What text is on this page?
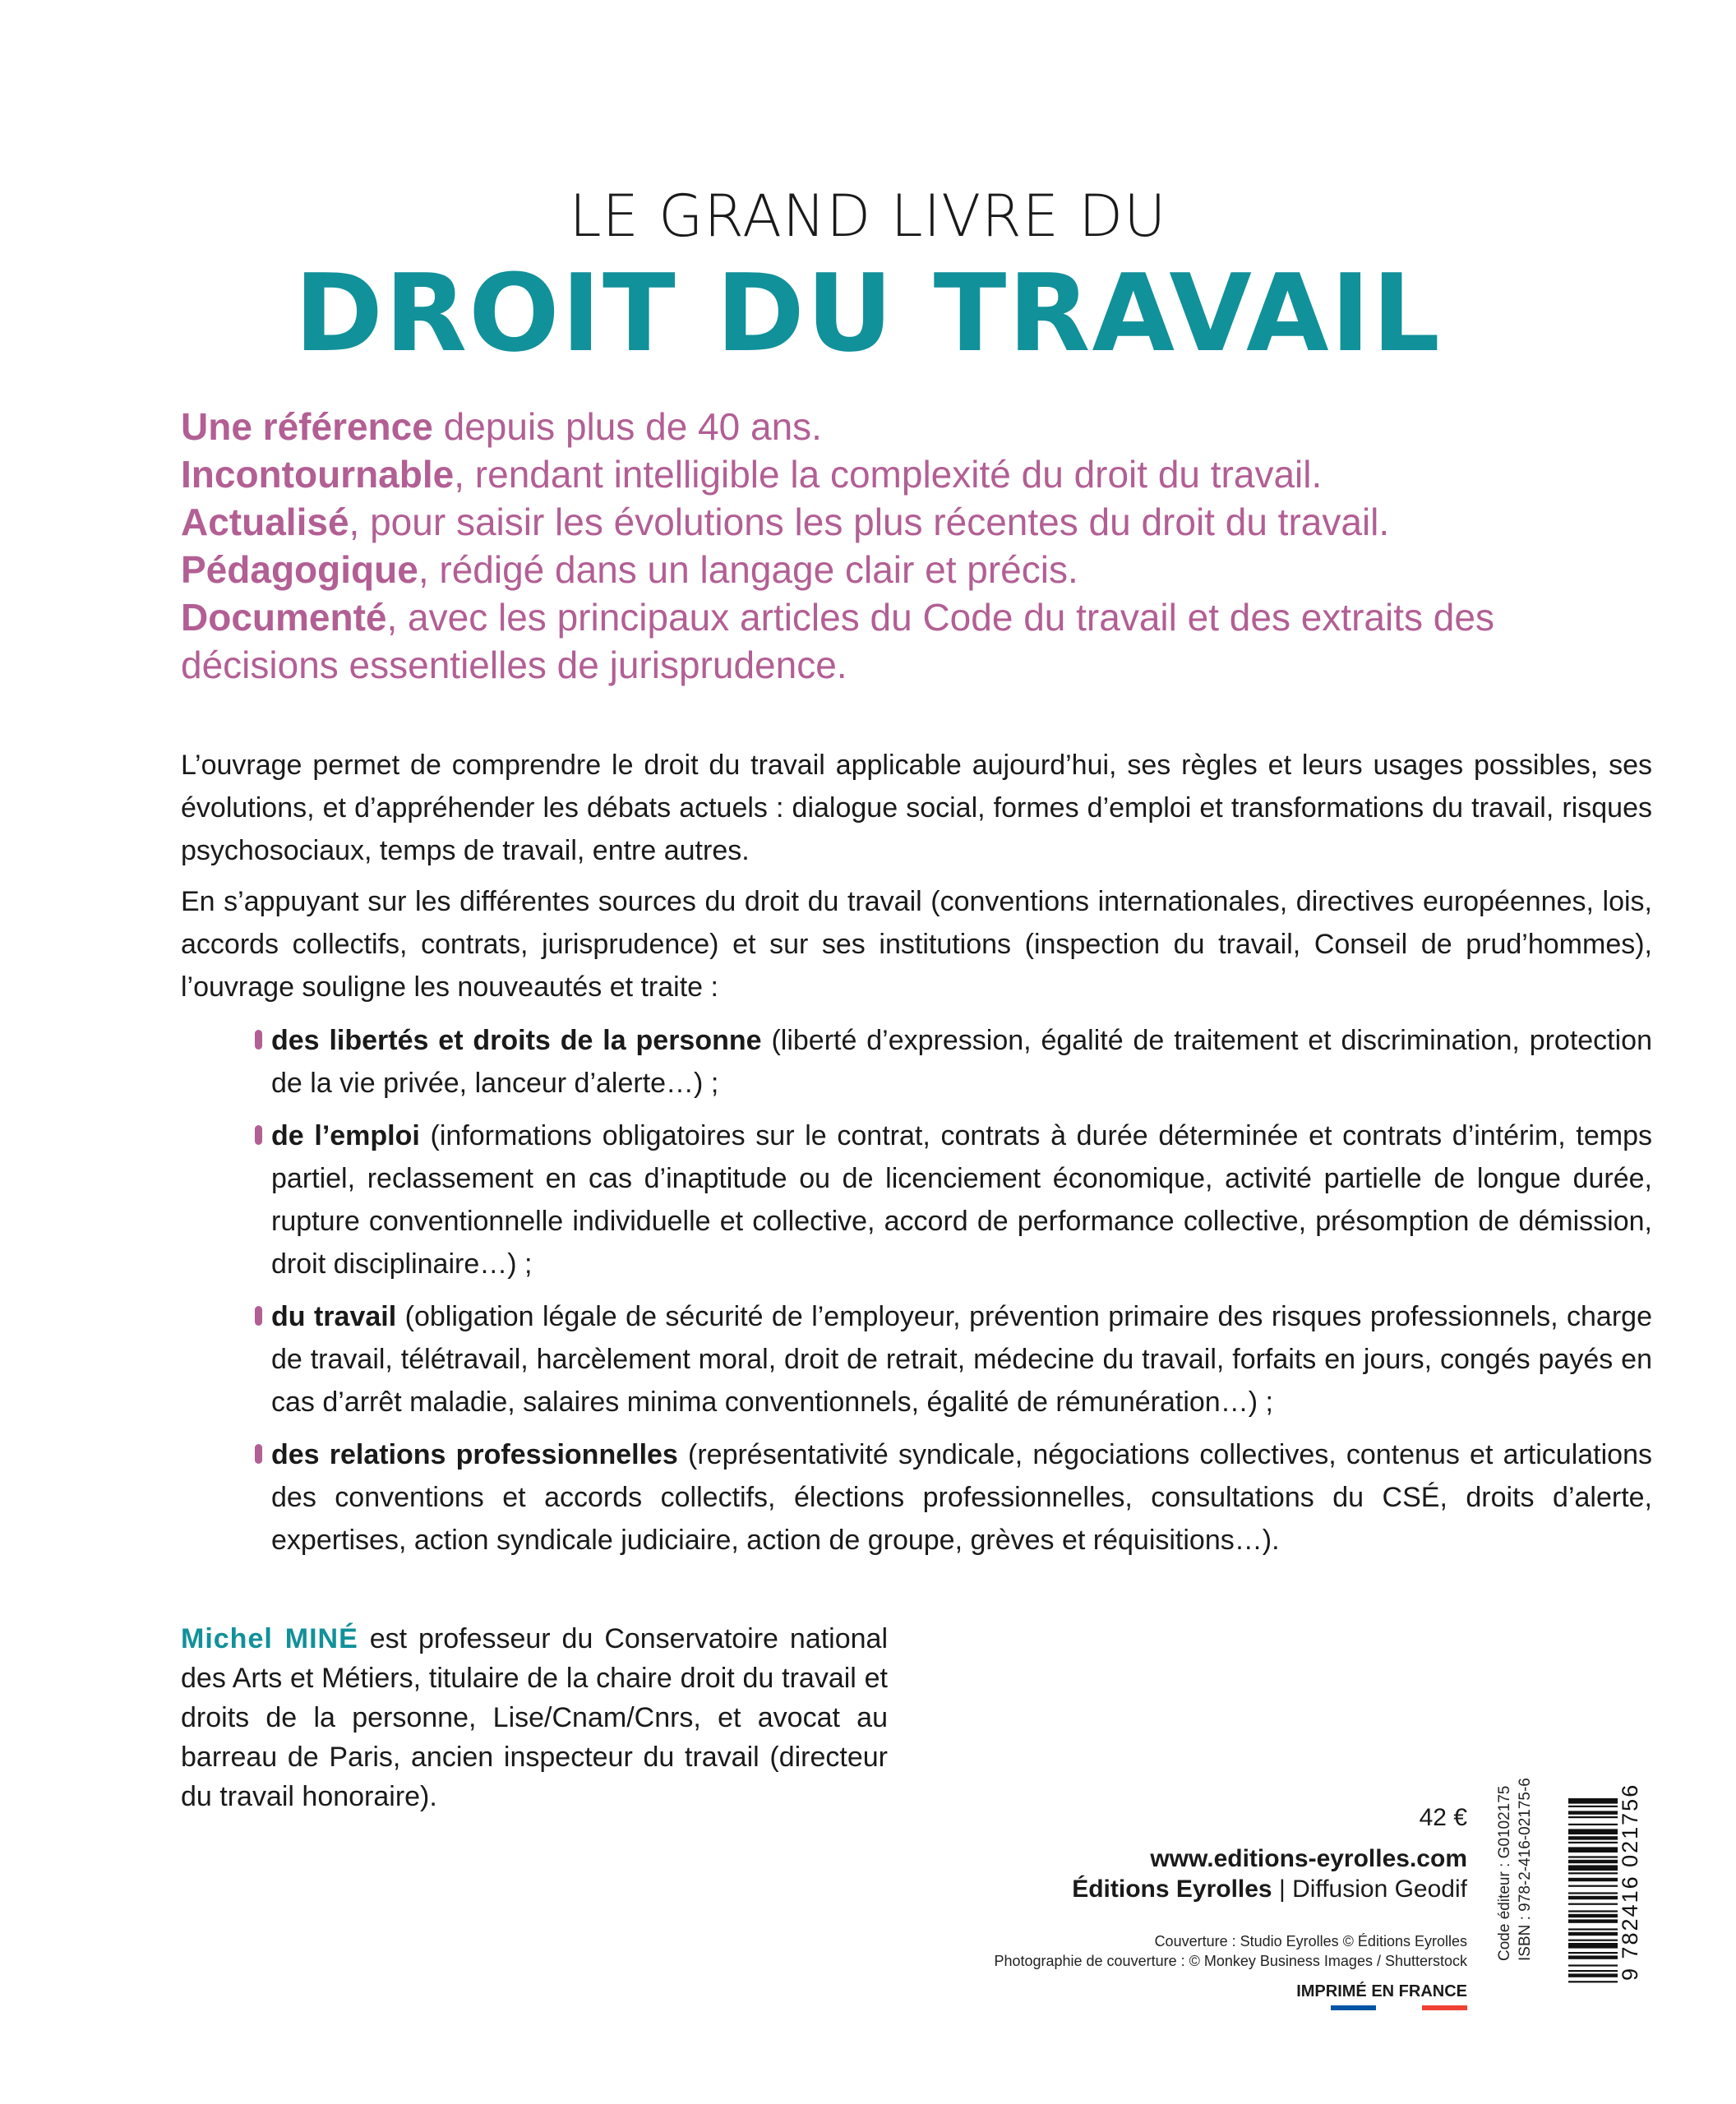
LE GRAND LIVRE DU
DROIT DU TRAVAIL

Une référence depuis plus de 40 ans.

Incontournable, rendant intelligible la complexité du droit du travail.

Actualisé, pour saisir les évolutions les plus récentes du droit du travail.

Pédagogique, rédigé dans un langage clair et précis.

Documenté, avec les principaux articles du Code du travail et des extraits des décisions essentielles de jurisprudence.

L’ouvrage permet de comprendre le droit du travail applicable aujourd’hui, ses règles et leurs usages possibles, ses évolutions, et d’appréhender les débats actuels : dialogue social, formes d’emploi et transformations du travail, risques psychosociaux, temps de travail, entre autres.

En s’appuyant sur les différentes sources du droit du travail (conventions internationales, directives européennes, lois, accords collectifs, contrats, jurisprudence) et sur ses institutions (inspection du travail, Conseil de prud’hommes), l’ouvrage souligne les nouveautés et traite :

des libertés et droits de la personne (liberté d’expression, égalité de traitement et discrimination, protection de la vie privée, lanceur d’alerte…) ;

de l’emploi (informations obligatoires sur le contrat, contrats à durée déterminée et contrats d’intérim, temps partiel, reclassement en cas d’inaptitude ou de licenciement économique, activité partielle de longue durée, rupture conventionnelle individuelle et collective, accord de performance collective, présomption de démission, droit disciplinaire…) ;

du travail (obligation légale de sécurité de l’employeur, prévention primaire des risques professionnels, charge de travail, télétravail, harcèlement moral, droit de retrait, médecine du travail, forfaits en jours, congés payés en cas d’arrêt maladie, salaires minima conventionnels, égalité de rémunération…) ;

des relations professionnelles (représentativité syndicale, négociations collectives, contenus et articulations des conventions et accords collectifs, élections professionnelles, consultations du CSÉ, droits d’alerte, expertises, action syndicale judiciaire, action de groupe, grèves et réquisitions…).

Michel MINÉ est professeur du Conservatoire national des Arts et Métiers, titulaire de la chaire droit du travail et droits de la personne, Lise/Cnam/Cnrs, et avocat au barreau de Paris, ancien inspecteur du travail (directeur du travail honoraire).

42 €
www.editions-eyrolles.com
Éditions Eyrolles | Diffusion Geodif
Couverture : Studio Eyrolles © Éditions Eyrolles
Photographie de couverture : © Monkey Business Images / Shutterstock
IMPRIMÉ EN FRANCE
Code éditeur : G0102175 ISBN : 978-2-416-02175-6	9 782416 021756
